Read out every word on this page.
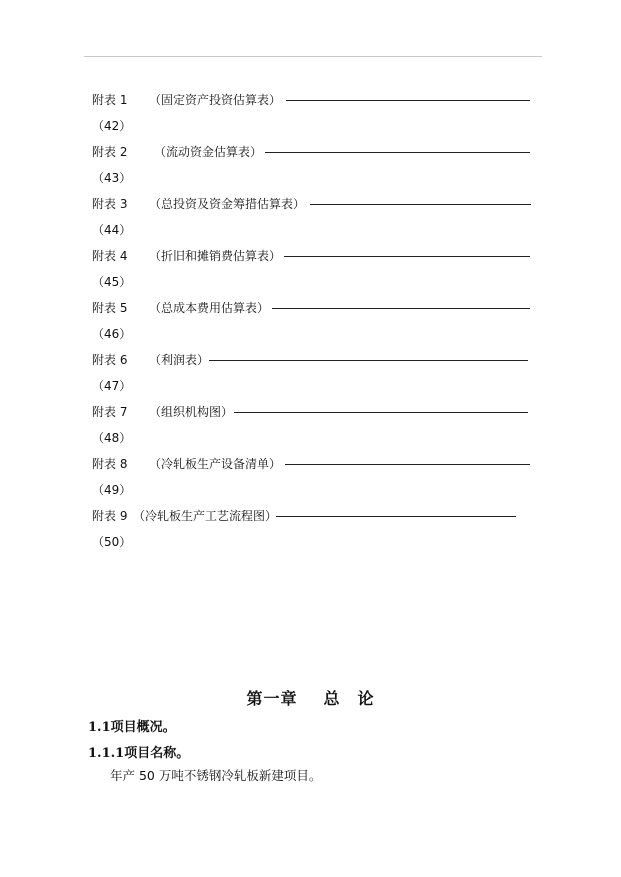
附表 1 （固定资产投资估算表）
（42）
附表 2 （流动资金估算表）
（43）
附表 3 （总投资及资金筹措估算表）
（44）
附表 4 （折旧和摊销费估算表）
（45）
附表 5 （总成本费用估算表）
（46）
附表 6 （利润表）
（47）
附表 7 （组织机构图）
（48）
附表 8 （冷轧板生产设备清单）
（49）
附表 9 （冷轧板生产工艺流程图）
（50）
第一章 总　论
1.1项目概况。
1.1.1项目名称。
年产 50 万吨不锈钢冷轧板新建项目。
